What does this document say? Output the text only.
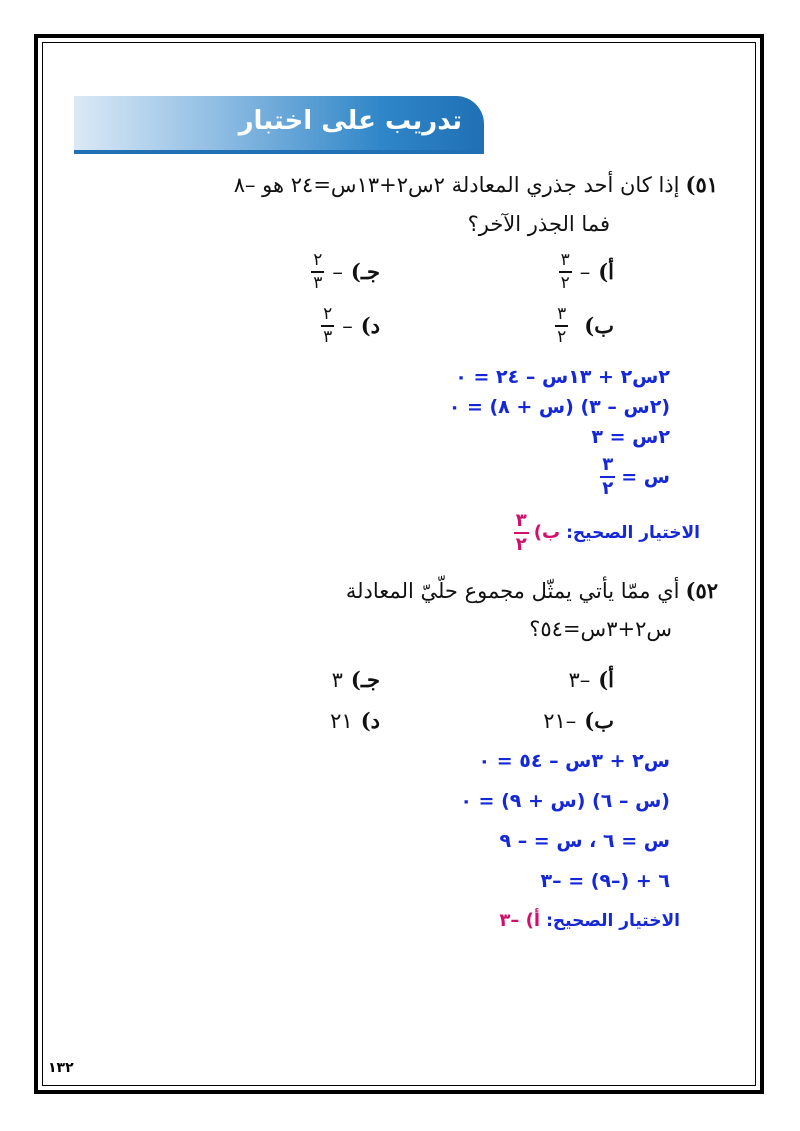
تدريب على اختبار
٥١)إذا كان أحد جذري المعادلة ٢س٢+١٣س=٢٤ هو –٨
فما الجذر الآخر؟
أ)
–
$\frac{٣}{٢}$
جـ)
–
$\frac{٢}{٣}$
ب)
$\frac{٣}{٢}$
د)
–
$\frac{٢}{٣}$
٢س٢ + ١٣س – ٢٤ = ٠
(٢س – ٣) (س + ٨) = ٠
٢س = ٣
س =
$\frac{٣}{٢}$
الاختيار الصحيح:
ب)
$\frac{٣}{٢}$
٥٢)أي ممّا يأتي يمثّل مجموع حلّيّ المعادلة
س٢+٣س=٥٤؟
أ)
–٣
جـ)
٣
ب)
–٢١
د)
٢١
س٢ + ٣س – ٥٤ = ٠
(س – ٦) (س + ٩) = ٠
س = ٦ ، س = – ٩
٦ + (–٩) = –٣
الاختيار الصحيح:
أ) –٣
١٣٢
